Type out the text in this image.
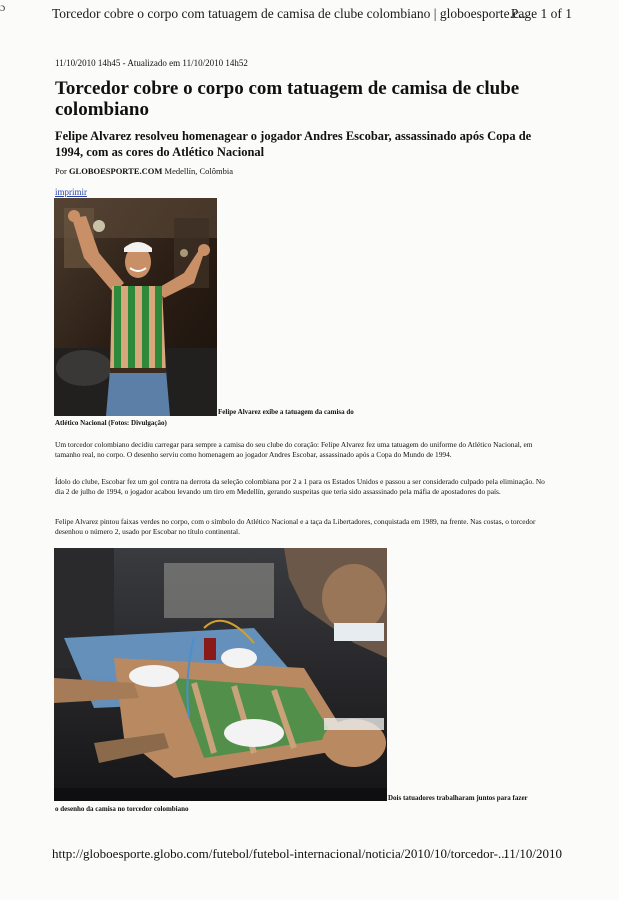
ɔ	Torcedor cobre o corpo com tatuagem de camisa de clube colombiano | globoesporte.c...
Page 1 of 1
11/10/2010 14h45 - Atualizado em 11/10/2010 14h52
Torcedor cobre o corpo com tatuagem de camisa de clube colombiano
Felipe Alvarez resolveu homenagear o jogador Andres Escobar, assassinado após Copa de 1994, com as cores do Atlético Nacional
Por GLOBOESPORTE.COM Medellín, Colômbia
imprimir
Felipe Alvarez exibe a tatuagem da camisa do
Atlético Nacional (Fotos: Divulgação)
Um torcedor colombiano decidiu carregar para sempre a camisa do seu clube do coração: Felipe Alvarez fez uma tatuagem do uniforme do Atlético Nacional, em tamanho real, no corpo. O desenho serviu como homenagem ao jogador Andres Escobar, assassinado após a Copa do Mundo de 1994.
Ídolo do clube, Escobar fez um gol contra na derrota da seleção colombiana por 2 a 1 para os Estados Unidos e passou a ser considerado culpado pela eliminação. No dia 2 de julho de 1994, o jogador acabou levando um tiro em Medellín, gerando suspeitas que teria sido assassinado pela máfia de apostadores do país.
Felipe Alvarez pintou faixas verdes no corpo, com o símbolo do Atlético Nacional e a taça da Libertadores, conquistada em 1989, na frente. Nas costas, o torcedor desenhou o número 2, usado por Escobar no título continental.
Dois tatuadores trabalharam juntos para fazer
o desenho da camisa no torcedor colombiano
http://globoesporte.globo.com/futebol/futebol-internacional/noticia/2010/10/torcedor-...
11/10/2010
